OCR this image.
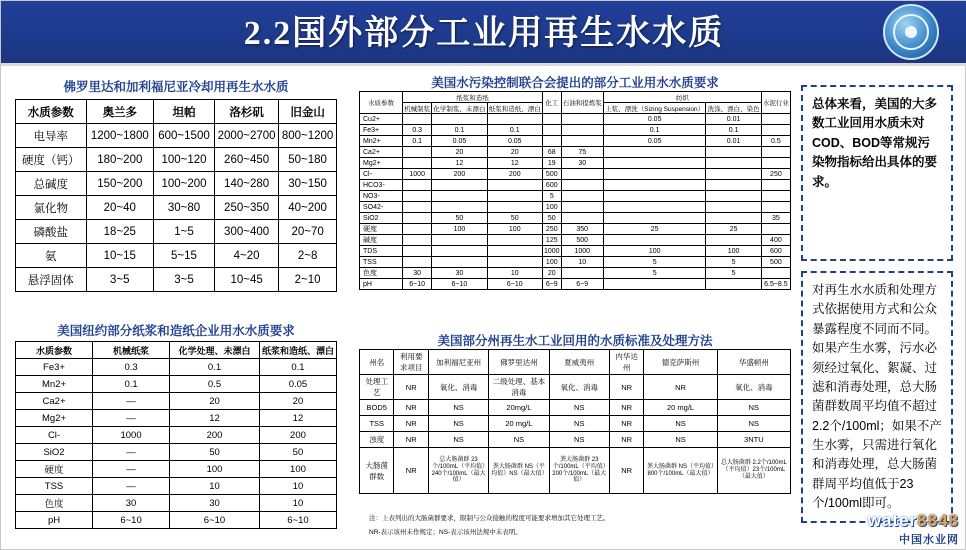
2.2国外部分工业用再生水水质
佛罗里达和加利福尼亚冷却用再生水水质
水质参数	奥兰多	坦帕	洛杉矶	旧金山
电导率	1200~1800	600~1500	2000~2700	800~1200
硬度（钙）	180~200	100~120	260~450	50~180
总碱度	150~200	100~200	140~280	30~150
氯化物	20~40	30~80	250~350	40~200
磷酸盐	18~25	1~5	300~400	20~70
氨	10~15	5~15	4~20	2~8
悬浮固体	3~5	3~5	10~45	2~10
美国纽约部分纸浆和造纸企业用水水质要求
水质参数	机械纸浆	化学处理、未漂白	纸浆和造纸、漂白
Fe3+	0.3	0.1	0.1
Mn2+	0.1	0.5	0.05
Ca2+	—	20	20
Mg2+	—	12	12
Cl-	1000	200	200
SiO2	—	50	50
硬度	—	100	100
TSS	—	10	10
色度	30	30	10
pH	6~10	6~10	6~10
美国水污染控制联合会提出的部分工业用水水质要求
水质参数	纸浆和造纸			化工	石油和提炼浆	纺织		水泥行业
	机械制浆	化学制浆、未漂白	纸浆和造纸、漂白			上浆、漂洗（Sizing Suspension）	洗涤、漂白、染色	
Cu2+						0.05	0.01	
Fe3+	0.3	0.1	0.1			0.1	0.1	
Mn2+	0.1	0.05	0.05			0.05	0.01	0.5
Ca2+		20	20	68	75			
Mg2+		12	12	19	30			
Cl-	1000	200	200	500				250
HCO3-				600				
NO3-				5				
SO42-				100				
SiO2		50	50	50				35
硬度		100	100	250	350	25	25	
碱度				125	500			400
TDS				1000	1000	100	100	600
TSS				100	10	5	5	500
色度	30	30	10	20		5	5	
pH	6~10	6~10	6~10	6~9	6~9			6.5~8.5
美国部分州再生水工业回用的水质标准及处理方法
州名	利用要求项目	加利福尼亚州	佛罗里达州	夏威夷州	内华达州	德克萨斯州	华盛顿州
处理工艺	NR	氧化、消毒	二级处理、基本消毒	氧化、消毒	NR	NR	氧化、消毒
BOD5	NR	NS	20mg/L	NS	NR	20 mg/L	NS
TSS	NR	NS	20 mg/L	NS	NR	NS	NS
浊度	NR	NS	NS	NS	NR	NS	3NTU
大肠菌群数	NR	总大肠菌群 23个/100mL（平均值）240个/100mL（最大值）	粪大肠菌群 NS（平均值）NS（最大值）	粪大肠菌群 23个/100mL（平均值）200个/100mL（最大值）	NR	粪大肠菌群 NS（平均值）800个/100mL（最大值）	总大肠菌群 2.2个/100mL（平均值）23个/100mL（最大值）
注：上表列出的大肠菌群要求，限制与公众接触的程度可能要求增加其它处理工艺。
NR-表示该州未作规定；NS-表示该州法规中未表明。
总体来看，美国的大多数工业回用水质未对COD、BOD等常规污染物指标给出具体的要求。
对再生水水质和处理方式依据使用方式和公众暴露程度不同而不同。如果产生水雾，污水必须经过氧化、絮凝、过滤和消毒处理，总大肠菌群数周平均值不超过2.2个/100ml；如果不产生水雾，只需进行氧化和消毒处理，总大肠菌群周平均值低于23个/100ml即可。
water8848
中国水业网
